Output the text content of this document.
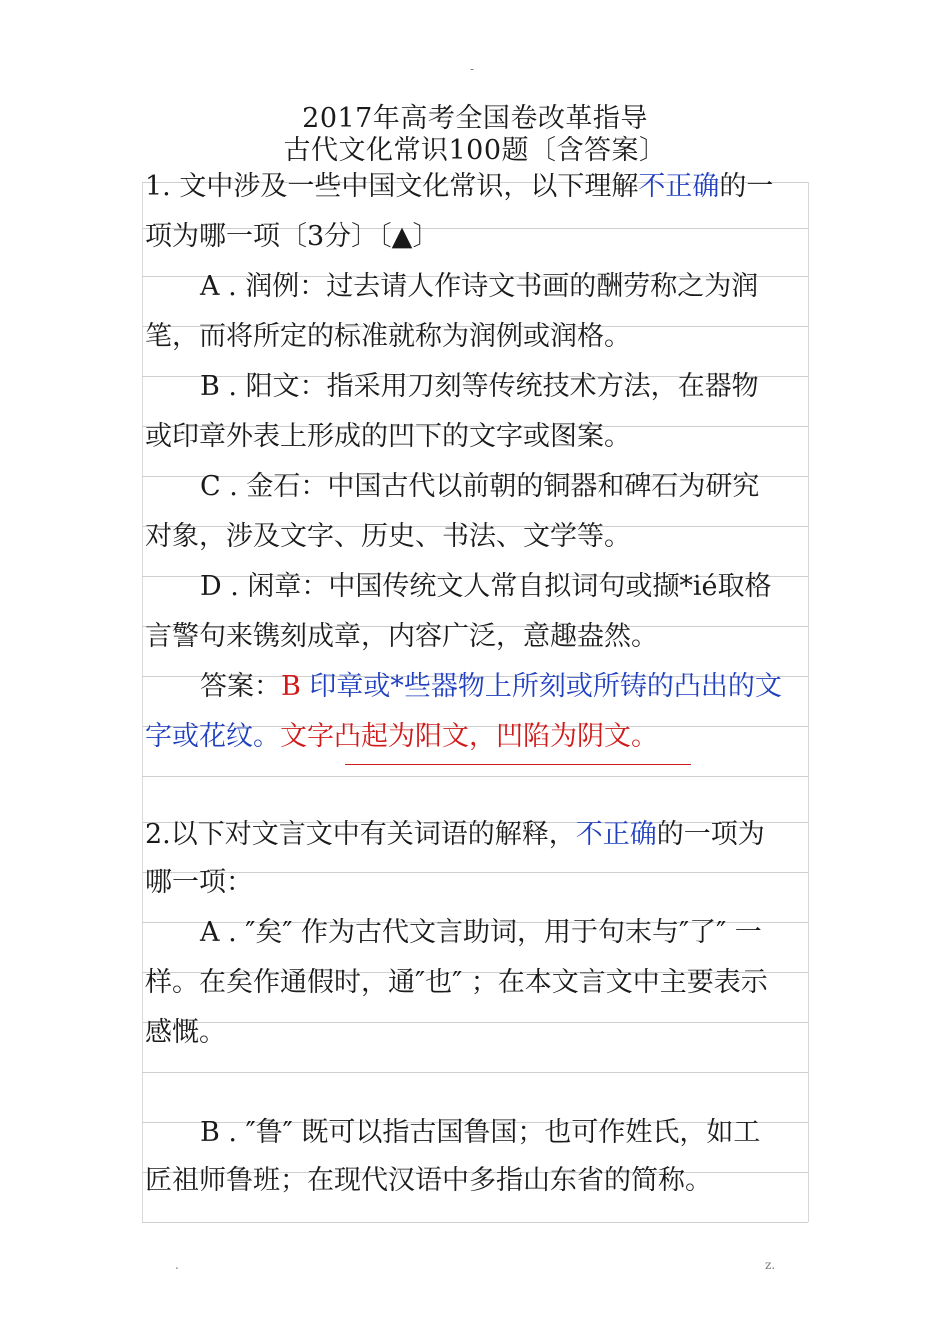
-
2017年高考全国卷改革指导
古代文化常识100题〔含答案〕
1. 文中涉及一些中国文化常识，以下理解不正确的一
项为哪一项〔3分〕〔▲〕
A . 润例：过去请人作诗文书画的酬劳称之为润
笔，而将所定的标准就称为润例或润格。
B . 阳文：指采用刀刻等传统技术方法，在器物
或印章外表上形成的凹下的文字或图案。
C . 金石：中国古代以前朝的铜器和碑石为研究
对象，涉及文字、历史、书法、文学等。
D . 闲章：中国传统文人常自拟词句或撷*ié取格
言警句来镌刻成章，内容广泛，意趣盎然。
答案：B 印章或*些器物上所刻或所铸的凸出的文
字或花纹。文字凸起为阳文，凹陷为阴文。
2.以下对文言文中有关词语的解释，不正确的一项为
哪一项：
A . ″矣″ 作为古代文言助词，用于句末与″了″ 一
样。在矣作通假时，通″也″ ；在本文言文中主要表示
感慨。
B . ″鲁″ 既可以指古国鲁国；也可作姓氏，如工
匠祖师鲁班；在现代汉语中多指山东省的简称。
.	z.
